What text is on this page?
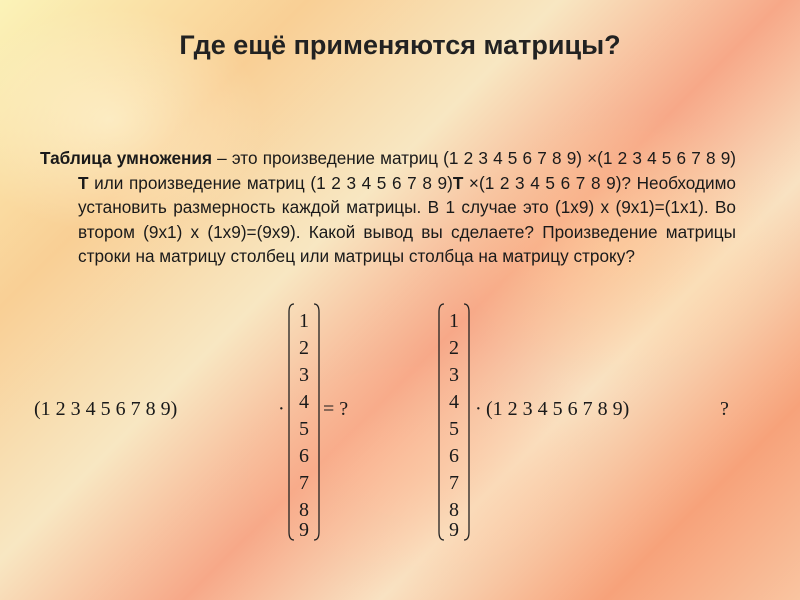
Где ещё применяются матрицы?
Таблица умножения – это произведение матриц (1 2 3 4 5 6 7 8 9) ×(1 2 3 4 5 6 7 8 9) Т или произведение матриц (1 2 3 4 5 6 7 8 9)Т ×(1 2 3 4 5 6 7 8 9)? Необходимо установить размерность каждой матрицы. В 1 случае это (1х9) х (9х1)=(1х1). Во втором (9х1) х (1х9)=(9х9). Какой вывод вы сделаете? Произведение матрицы строки на матрицу столбец или матрицы столбца на матрицу строку?
(1 2 3 4 5 6 7 8 9)	·
1
2
3
4
5
6
7
8
9
= ?
1
2
3
4
5
6
7
8
9
· (1 2 3 4 5 6 7 8 9)	?
